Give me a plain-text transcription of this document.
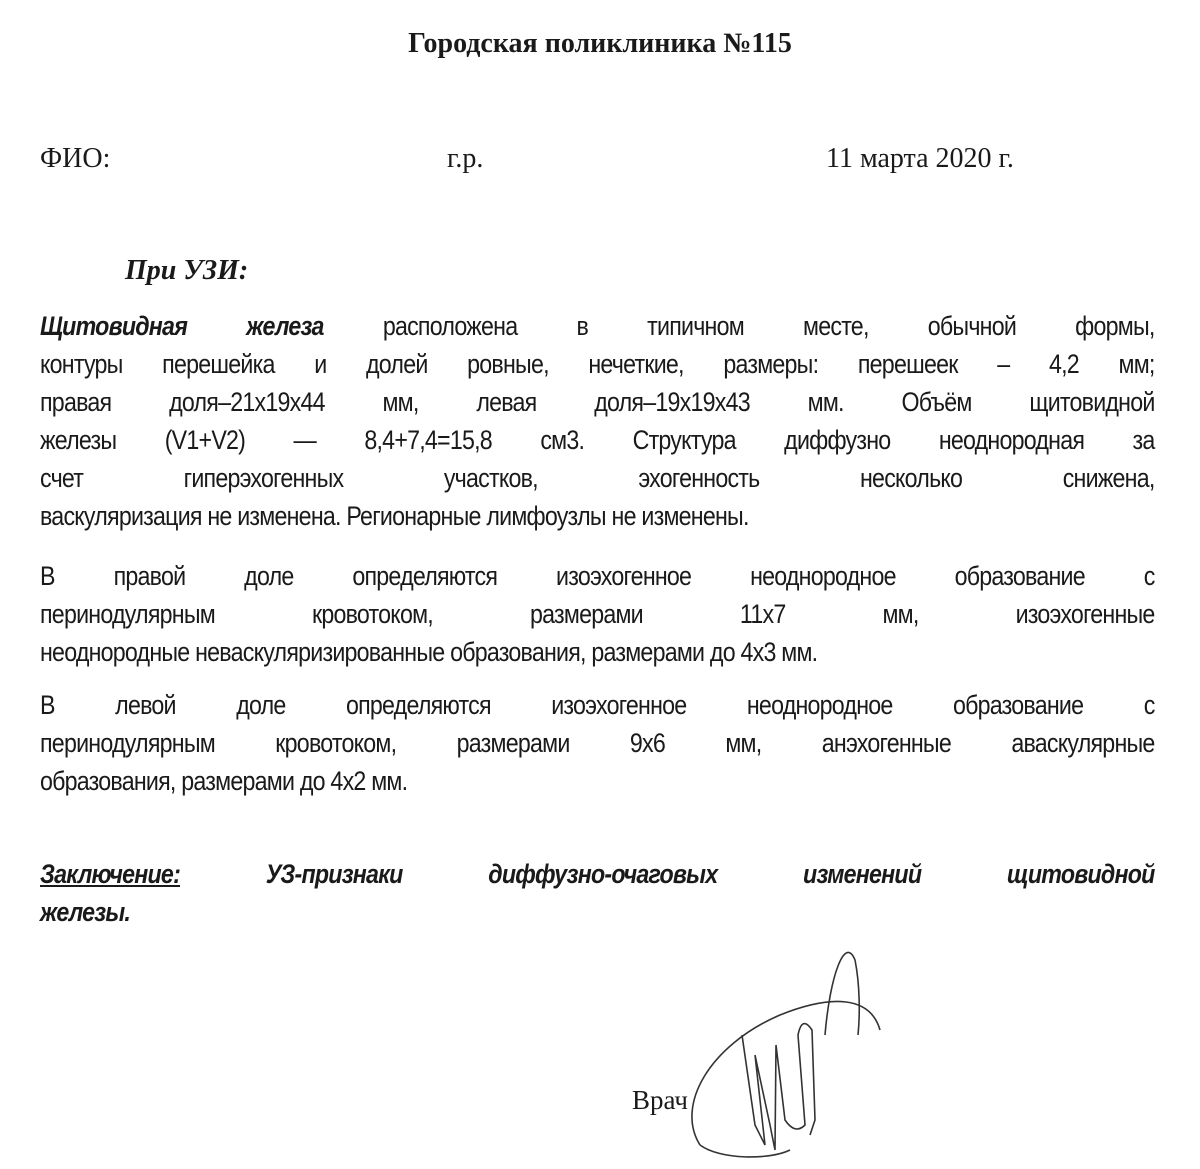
Городская поликлиника №115
ФИО:	г.р.	11 марта 2020 г.
При УЗИ:
Щитовидная железа расположена в типичном месте, обычной формы,
контуры перешейка и долей ровные, нечеткие, размеры: перешеек – 4,2 мм;
правая доля–21x19x44 мм, левая доля–19x19x43 мм. Объём щитовидной
железы (V1+V2) — 8,4+7,4=15,8 см3. Структура диффузно неоднородная за
счет гиперэхогенных участков, эхогенность несколько снижена,
васкуляризация не изменена. Регионарные лимфоузлы не изменены.
В правой доле определяются изоэхогенное неоднородное образование с
перинодулярным кровотоком, размерами 11x7 мм, изоэхогенные
неоднородные неваскуляризированные образования, размерами до 4x3 мм.
В левой доле определяются изоэхогенное неоднородное образование с
перинодулярным кровотоком, размерами 9x6 мм, анэхогенные аваскулярные
образования, размерами до 4x2 мм.
Заключение: УЗ-признаки диффузно-очаговых изменений щитовидной
железы.
Врач
